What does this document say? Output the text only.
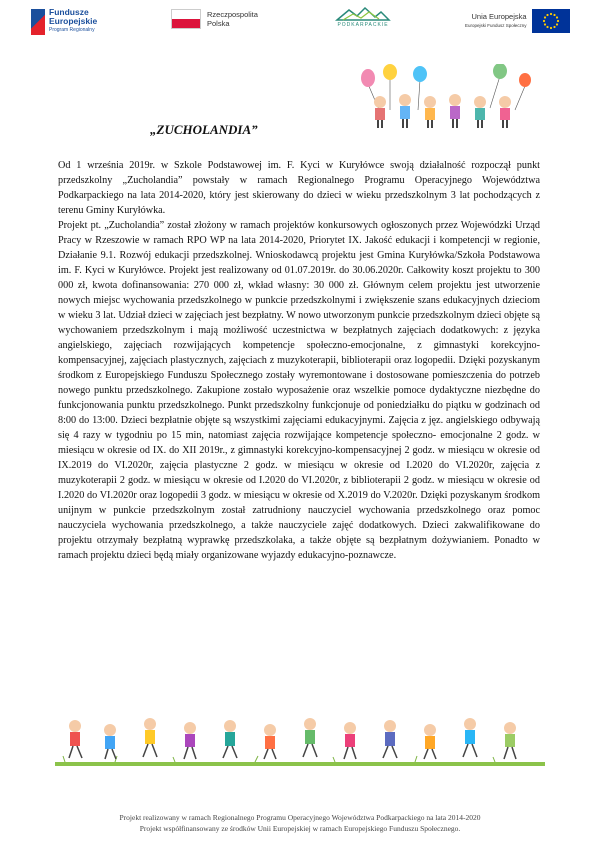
Fundusze
Europejskie
Program Regionalny
Rzeczpospolita
Polska	PODKARPACKIE
Unia Europejska
Europejski Fundusz Społeczny
„ZUCHOLANDIA”

Od 1 września 2019r. w Szkole Podstawowej im. F. Kyci w Kuryłówce swoją działalność rozpoczął punkt przedszkolny „Zucholandia” powstały w ramach Regionalnego Programu Operacyjnego Województwa Podkarpackiego na lata 2014-2020, który jest skierowany do dzieci w wieku przedszkolnym 3 lat pochodzących z terenu Gminy Kuryłówka.

Projekt pt. „Zucholandia” został złożony w ramach projektów konkursowych ogłoszonych przez Wojewódzki Urząd Pracy w Rzeszowie w ramach RPO WP na lata 2014-2020, Priorytet IX. Jakość edukacji i kompetencji w regionie, Działanie 9.1. Rozwój edukacji przedszkolnej. Wnioskodawcą projektu jest Gmina Kuryłówka/Szkoła Podstawowa im. F. Kyci w Kuryłówce. Projekt jest realizowany od 01.07.2019r. do 30.06.2020r. Całkowity koszt projektu to 300 000 zł, kwota dofinansowania: 270 000 zł, wkład własny: 30 000 zł. Głównym celem projektu jest utworzenie nowych miejsc wychowania przedszkolnego w punkcie przedszkolnymi i zwiększenie szans edukacyjnych dzieciom w wieku 3 lat. Udział dzieci w zajęciach jest bezpłatny. W nowo utworzonym punkcie przedszkolnym dzieci objęte są wychowaniem przedszkolnym i mają możliwość uczestnictwa w bezpłatnych zajęciach dodatkowych: z języka angielskiego, zajęciach rozwijających kompetencje społeczno-emocjonalne, z gimnastyki korekcyjno-kompensacyjnej, zajęciach plastycznych, zajęciach z muzykoterapii, biblioterapii oraz logopedii. Dzięki pozyskanym środkom z Europejskiego Funduszu Społecznego zostały wyremontowane i dostosowane pomieszczenia do potrzeb nowego punktu przedszkolnego. Zakupione zostało wyposażenie oraz wszelkie pomoce dydaktyczne niezbędne do funkcjonowania punktu przedszkolnego. Punkt przedszkolny funkcjonuje od poniedziałku do piątku w godzinach od 8:00 do 13:00. Dzieci bezpłatnie objęte są wszystkimi zajęciami edukacyjnymi. Zajęcia z jęz. angielskiego odbywają się 4 razy w tygodniu po 15 min, natomiast zajęcia rozwijające kompetencje społeczno- emocjonalne 2 godz. w miesiącu w okresie od IX. do XII 2019r., z gimnastyki korekcyjno-kompensacyjnej 2 godz. w miesiącu w okresie od IX.2019 do VI.2020r, zajęcia plastyczne 2 godz. w miesiącu w okresie od I.2020 do VI.2020r, zajęcia z muzykoterapii 2 godz. w miesiącu w okresie od I.2020 do VI.2020r, z biblioterapii 2 godz. w miesiącu w okresie od I.2020 do VI.2020r oraz logopedii 3 godz. w miesiącu w okresie od X.2019 do V.2020r. Dzięki pozyskanym środkom unijnym w punkcie przedszkolnym został zatrudniony nauczyciel wychowania przedszkolnego oraz pomoc nauczyciela wychowania przedszkolnego, a także nauczyciele zajęć dodatkowych. Dzieci zakwalifikowane do projektu otrzymały bezpłatną wyprawkę przedszkolaka, a także objęte są bezpłatnym dożywianiem. Ponadto w ramach projektu dzieci będą miały organizowane wyjazdy edukacyjno-poznawcze.

Projekt realizowany w ramach Regionalnego Programu Operacyjnego Województwa Podkarpackiego na lata 2014-2020
Projekt współfinansowany ze środków Unii Europejskiej w ramach Europejskiego Funduszu Społecznego.
